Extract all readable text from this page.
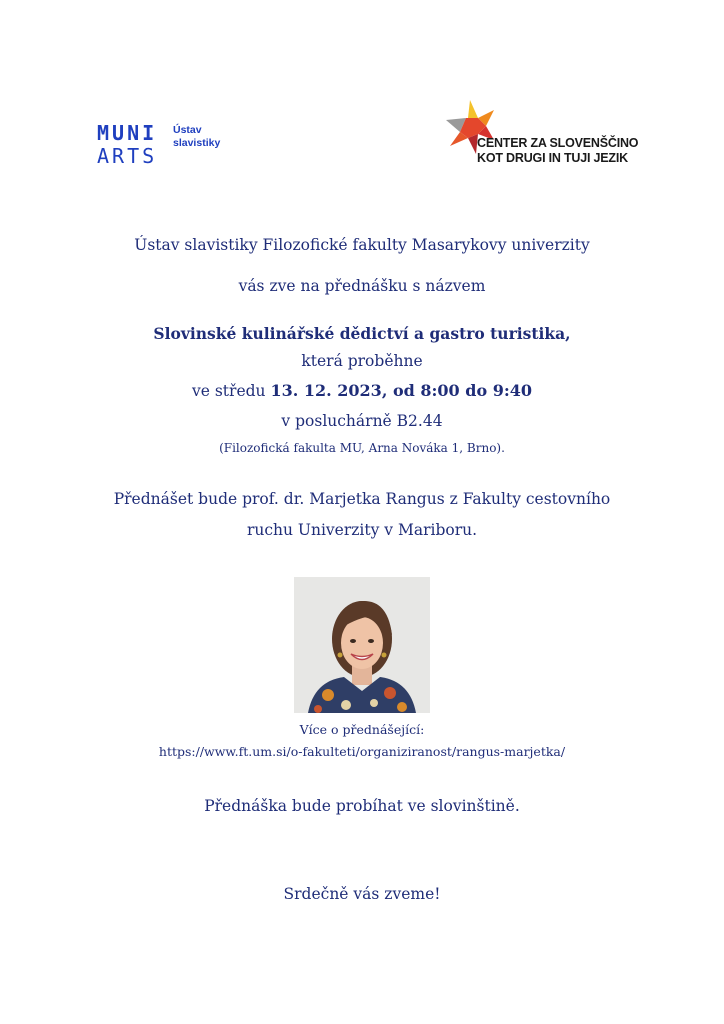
MUNI
ARTS
Ústav
slavistiky	CENTER ZA SLOVENŠČINO
KOT DRUGI IN TUJI JEZIK
Ústav slavistiky Filozofické fakulty Masarykovy univerzity
vás zve na přednášku s názvem
Slovinské kulinářské dědictví a gastro turistika,
která proběhne
ve středu 13. 12. 2023, od 8:00 do 9:40
v posluchárně B2.44
(Filozofická fakulta MU, Arna Nováka 1, Brno).
Přednášet bude prof. dr. Marjetka Rangus z Fakulty cestovního
ruchu Univerzity v Mariboru.
Více o přednášející:
https://www.ft.um.si/o-fakulteti/organiziranost/rangus-marjetka/
Přednáška bude probíhat ve slovinštině.
Srdečně vás zveme!
